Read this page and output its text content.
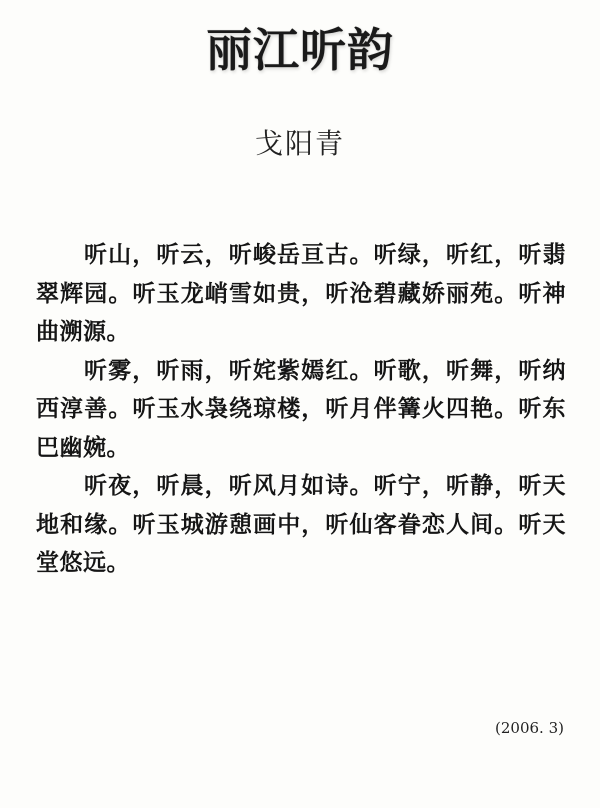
丽江听韵
戈阳青

听山，听云，听峻岳亘古。听绿，听红，听翡翠辉园。听玉龙峭雪如贵，听沧碧藏娇丽苑。听神曲溯源。

听雾，听雨，听姹紫嫣红。听歌，听舞，听纳西淳善。听玉水袅绕琼楼，听月伴篝火四艳。听东巴幽婉。

听夜，听晨，听风月如诗。听宁，听静，听天地和缘。听玉城游憩画中，听仙客眷恋人间。听天堂悠远。

(2006. 3)
